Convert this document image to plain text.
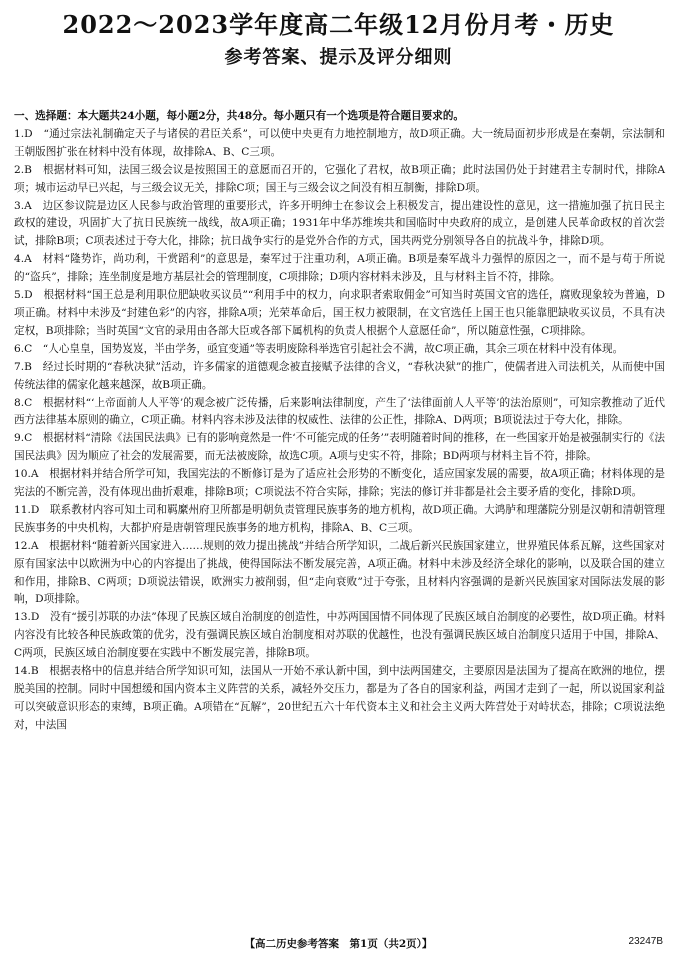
2022～2023学年度高二年级12月份月考・历史
参考答案、提示及评分细则

一、选择题：本大题共24小题，每小题2分，共48分。每小题只有一个选项是符合题目要求的。

1.D　“通过宗法礼制确定天子与诸侯的君臣关系”，可以使中央更有力地控制地方，故D项正确。大一统局面初步形成是在秦朝，宗法制和王朝版图扩张在材料中没有体现，故排除A、B、C三项。

2.B　根据材料可知，法国三级会议是按照国王的意愿而召开的，它强化了君权，故B项正确；此时法国仍处于封建君主专制时代，排除A项；城市运动早已兴起，与三级会议无关，排除C项；国王与三级会议之间没有相互制衡，排除D项。

3.A　边区参议院是边区人民参与政治管理的重要形式，许多开明绅士在参议会上积极发言，提出建设性的意见，这一措施加强了抗日民主政权的建设，巩固扩大了抗日民族统一战线，故A项正确；1931年中华苏维埃共和国临时中央政府的成立，是创建人民革命政权的首次尝试，排除B项；C项表述过于夸大化，排除；抗日战争实行的是党外合作的方式，国共两党分别领导各自的抗战斗争，排除D项。

4.A　材料“隆势诈，尚功利，干赏蹈利”的意思是，秦军过于注重功利，A项正确。B项是秦军战斗力强悍的原因之一，而不是与苟于所说的“盗兵”，排除；连坐制度是地方基层社会的管理制度，C项排除；D项内容材料未涉及，且与材料主旨不符，排除。

5.D　根据材料“国王总是利用职位肥缺收买议员”“利用手中的权力，向求职者索取佣金”可知当时英国文官的选任，腐败现象较为普遍，D项正确。材料中未涉及“封建色彩”的内容，排除A项；光荣革命后，国王权力被限制，在文官选任上国王也只能靠肥缺收买议员，不具有决定权，B项排除；当时英国“文官的录用由各部大臣或各部下属机构的负责人根据个人意愿任命”，所以随意性强，C项排除。

6.C　“人心皇皇，国势岌岌，半由学务，亟宜变通”等表明废除科举选官引起社会不满，故C项正确，其余三项在材料中没有体现。

7.B　经过长时期的“春秋决狱”活动，许多儒家的道德观念被直接赋予法律的含义，“春秋决狱”的推广，使儒者进入司法机关，从而使中国传统法律的儒家化越来越深，故B项正确。

8.C　根据材料“‘上帝面前人人平等’的观念被广泛传播，后来影响法律制度，产生了‘法律面前人人平等’的法治原则”，可知宗教推动了近代西方法律基本原则的确立，C项正确。材料内容未涉及法律的权威性、法律的公正性，排除A、D两项；B项说法过于夸大化，排除。

9.C　根据材料“清除《法国民法典》已有的影响竟然是一件‘不可能完成的任务’”表明随着时间的推移，在一些国家开始是被强制实行的《法国民法典》因为顺应了社会的发展需要，而无法被废除，故选C项。A项与史实不符，排除；BD两项与材料主旨不符，排除。

10.A　根据材料并结合所学可知，我国宪法的不断修订是为了适应社会形势的不断变化，适应国家发展的需要，故A项正确；材料体现的是宪法的不断完善，没有体现出曲折艰难，排除B项；C项说法不符合实际，排除；宪法的修订并非都是社会主要矛盾的变化，排除D项。

11.D　联系教材内容可知土司和羁縻州府卫所都是明朝负责管理民族事务的地方机构，故D项正确。大鸿胪和理藩院分别是汉朝和清朝管理民族事务的中央机构，大都护府是唐朝管理民族事务的地方机构，排除A、B、C三项。

12.A　根据材料“随着新兴国家进入……规则的效力提出挑战”并结合所学知识，二战后新兴民族国家建立，世界殖民体系瓦解，这些国家对原有国家法中以欧洲为中心的内容提出了挑战，使得国际法不断发展完善，A项正确。材料中未涉及经济全球化的影响，以及联合国的建立和作用，排除B、C两项；D项说法错误，欧洲实力被削弱，但“走向衰败”过于夸张，且材料内容强调的是新兴民族国家对国际法发展的影响，D项排除。

13.D　没有“援引苏联的办法”体现了民族区域自治制度的创造性，中苏两国国情不同体现了民族区域自治制度的必要性，故D项正确。材料内容没有比较各种民族政策的优劣，没有强调民族区域自治制度相对苏联的优越性，也没有强调民族区域自治制度只适用于中国，排除A、C两项，民族区域自治制度要在实践中不断发展完善，排除B项。

14.B　根据表格中的信息并结合所学知识可知，法国从一开始不承认新中国，到中法两国建交，主要原因是法国为了提高在欧洲的地位，摆脱美国的控制。同时中国想缓和国内资本主义阵营的关系，减轻外交压力，都是为了各自的国家利益，两国才走到了一起，所以说国家利益可以突破意识形态的束缚，B项正确。A项错在“瓦解”，20世纪五六十年代资本主义和社会主义两大阵营处于对峙状态，排除；C项说法绝对，中法国

【高二历史参考答案　第1页（共2页）】	23247B
